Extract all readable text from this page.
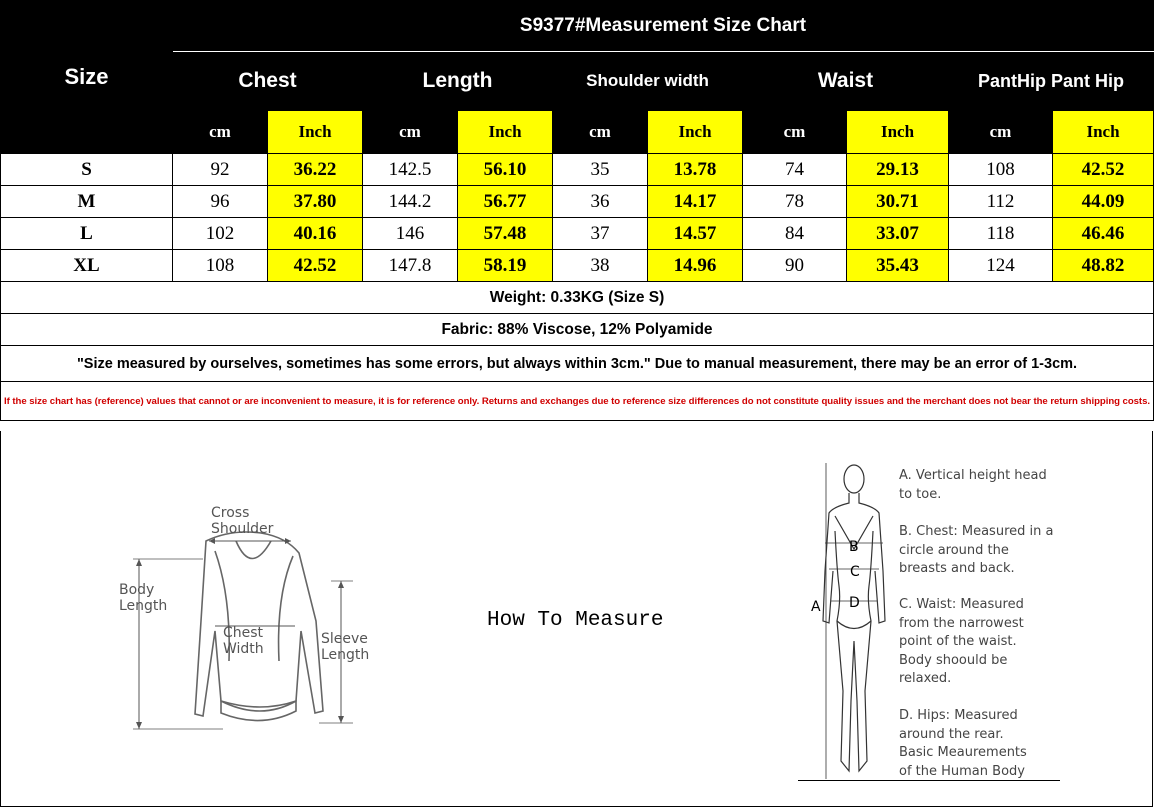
Size	S9377#Measurement Size Chart									
	Chest		Length		Shoulder width		Waist		PantHip Pant Hip	
	cm	Inch	cm	Inch	cm	Inch	cm	Inch	cm	Inch
S	92	36.22	142.5	56.10	35	13.78	74	29.13	108	42.52
M	96	37.80	144.2	56.77	36	14.17	78	30.71	112	44.09
L	102	40.16	146	57.48	37	14.57	84	33.07	118	46.46
XL	108	42.52	147.8	58.19	38	14.96	90	35.43	124	48.82
Weight: 0.33KG (Size S)										
Fabric: 88% Viscose, 12% Polyamide										
"Size measured by ourselves, sometimes has some errors, but always within 3cm." Due to manual measurement, there may be an error of 1-3cm.										
If the size chart has (reference) values that cannot or are inconvenient to measure, it is for reference only. Returns and exchanges due to reference size differences do not constitute quality issues and the merchant does not bear the return shipping costs.										
Cross
Shoulder
Body
Length
Chest
Width
Sleeve
Length
How To Measure
B
C
A D
A. Vertical height head
to toe.
B. Chest: Measured in a
circle around the
breasts and back.
C. Waist: Measured
from the narrowest
point of the waist.
Body shoould be
relaxed.
D. Hips: Measured
around the rear.
Basic Meaurements
of the Human Body
